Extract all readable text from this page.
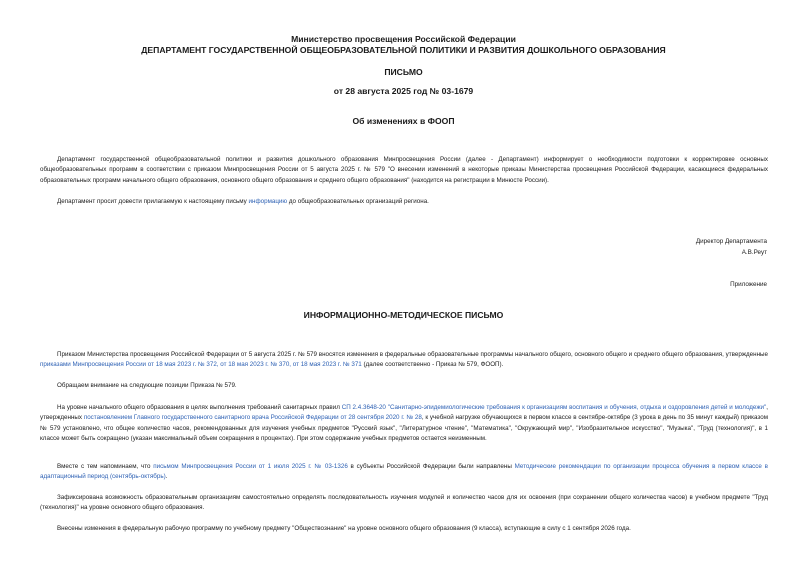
Министерство просвещения Российской Федерации
ДЕПАРТАМЕНТ ГОСУДАРСТВЕННОЙ ОБЩЕОБРАЗОВАТЕЛЬНОЙ ПОЛИТИКИ И РАЗВИТИЯ ДОШКОЛЬНОГО ОБРАЗОВАНИЯ
ПИСЬМО
от 28 августа 2025 год № 03-1679
Об изменениях в ФООП

Департамент государственной общеобразовательной политики и развития дошкольного образования Минпросвещения России (далее - Департамент) информирует о необходимости подготовки к корректировке основных общеобразовательных программ в соответствии с приказом Минпросвещения России от 5 августа 2025 г. № 579 "О внесении изменений в некоторые приказы Министерства просвещения Российской Федерации, касающиеся федеральных образовательных программ начального общего образования, основного общего образования и среднего общего образования" (находится на регистрации в Минюсте России).

Департамент просит довести прилагаемую к настоящему письму информацию до общеобразовательных организаций региона.

Директор Департамента
А.В.Реут
Приложение
ИНФОРМАЦИОННО-МЕТОДИЧЕСКОЕ ПИСЬМО

Приказом Министерства просвещения Российской Федерации от 5 августа 2025 г. № 579 вносятся изменения в федеральные образовательные программы начального общего, основного общего и среднего общего образования, утвержденные приказами Минпросвещения России от 18 мая 2023 г. № 372, от 18 мая 2023 г. № 370, от 18 мая 2023 г. № 371 (далее соответственно - Приказ № 579, ФООП).

Обращаем внимание на следующие позиции Приказа № 579.

На уровне начального общего образования в целях выполнения требований санитарных правил СП 2.4.3648-20 "Санитарно-эпидемиологические требования к организациям воспитания и обучения, отдыха и оздоровления детей и молодежи", утвержденных постановлением Главного государственного санитарного врача Российской Федерации от 28 сентября 2020 г. № 28, к учебной нагрузке обучающихся в первом классе в сентябре-октябре (3 урока в день по 35 минут каждый) приказом № 579 установлено, что общее количество часов, рекомендованных для изучения учебных предметов "Русский язык", "Литературное чтение", "Математика", "Окружающий мир", "Изобразительное искусство", "Музыка", "Труд (технология)", в 1 классе может быть сокращено (указан максимальный объем сокращения в процентах). При этом содержание учебных предметов остается неизменным.

Вместе с тем напоминаем, что письмом Минпросвещения России от 1 июля 2025 г. № 03-1326 в субъекты Российской Федерации были направлены Методические рекомендации по организации процесса обучения в первом классе в адаптационный период (сентябрь-октябрь).

Зафиксирована возможность образовательным организациям самостоятельно определять последовательность изучения модулей и количество часов для их освоения (при сохранении общего количества часов) в учебном предмете "Труд (технология)" на уровне основного общего образования.

Внесены изменения в федеральную рабочую программу по учебному предмету "Обществознание" на уровне основного общего образования (9 класса), вступающие в силу с 1 сентября 2026 года.
